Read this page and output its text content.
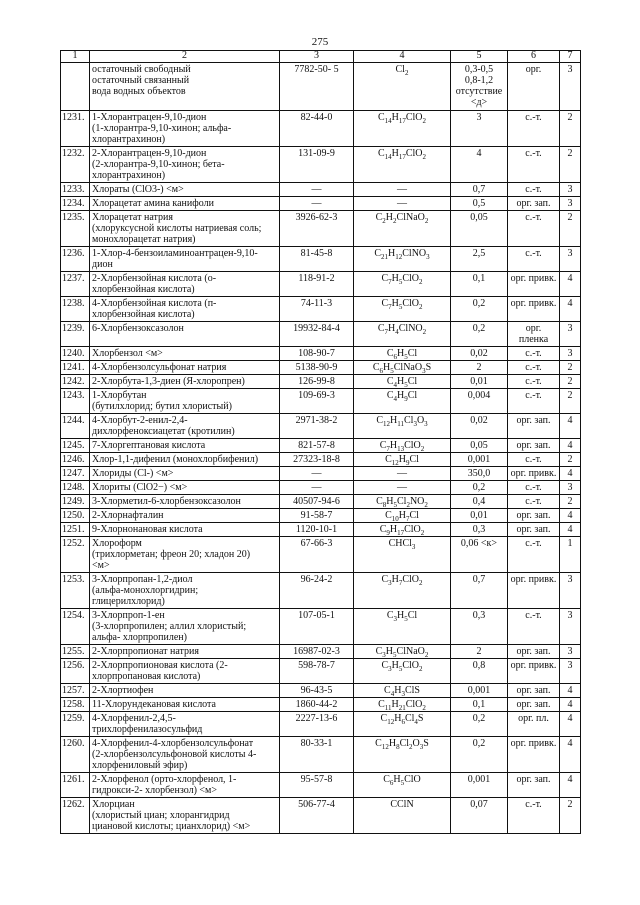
275
1	2	3	4	5	6	7
	остаточный свободный
остаточный связанный
вода водных объектов	7782-50- 5	$Cl_2$	0,3-0,5
0,8-1,2
отсутствие
<д>	орг.	3
1231.	1-Хлорантрацен-9,10-дион
(1-хлорантра-9,10-хинон; альфа-
хлорантрахинон)	82-44-0	$C_{14}H_{17}ClO_2$	3	с.-т.	2
1232.	2-Хлорантрацен-9,10-дион
(2-хлорантра-9,10-хинон; бета-
хлорантрахинон)	131-09-9	$C_{14}H_{17}ClO_2$	4	с.-т.	2
1233.	Хлораты (ClO3-) <м>	—	—	0,7	с.-т.	3
1234.	Хлорацетат амина канифоли	—	—	0,5	орг. зап.	3
1235.	Хлорацетат натрия
(хлоруксусной кислоты натриевая соль;
монохлорацетат натрия)	3926-62-3	$C_2H_2ClNaO_2$	0,05	с.-т.	2
1236.	1-Хлор-4-бензоиламиноантрацен-9,10-
дион	81-45-8	$C_{21}H_{12}ClNO_3$	2,5	с.-т.	3
1237.	2-Хлорбензойная кислота (о-
хлорбензойная кислота)	118-91-2	$C_7H_5ClO_2$	0,1	орг. привк.	4
1238.	4-Хлорбензойная кислота (п-
хлорбензойная кислота)	74-11-3	$C_7H_5ClO_2$	0,2	орг. привк.	4
1239.	6-Хлорбензоксазолон	19932-84-4	$C_7H_4ClNO_2$	0,2	орг. пленка	3
1240.	Хлорбензол <м>	108-90-7	$C_6H_5Cl$	0,02	с.-т.	3
1241.	4-Хлорбензолсульфонат натрия	5138-90-9	$C_6H_5ClNaO_3S$	2	с.-т.	2
1242.	2-Хлорбута-1,3-диен (Я-хлоропрен)	126-99-8	$C_4H_5Cl$	0,01	с.-т.	2
1243.	1-Хлорбутан
(бутилхлорид; бутил хлористый)	109-69-3	$C_4H_9Cl$	0,004	с.-т.	2
1244.	4-Хлорбут-2-енил-2,4-
дихлорфеноксиацетат (кротилин)	2971-38-2	$C_{12}H_{11}Cl_3O_3$	0,02	орг. зап.	4
1245.	7-Хлоргептановая кислота	821-57-8	$C_7H_{13}ClO_2$	0,05	орг. зап.	4
1246.	Хлор-1,1-дифенил (монохлорбифенил)	27323-18-8	$C_{12}H_9Cl$	0,001	с.-т.	2
1247.	Хлориды (Cl-) <м>	—	—	350,0	орг. привк.	4
1248.	Хлориты (ClO2−) <м>	—	—	0,2	с.-т.	3
1249.	3-Хлорметил-6-хлорбензоксазолон	40507-94-6	$C_8H_5Cl_2NO_2$	0,4	с.-т.	2
1250.	2-Хлорнафталин	91-58-7	$C_{10}H_7Cl$	0,01	орг. зап.	4
1251.	9-Хлорнонановая кислота	1120-10-1	$C_9H_{17}ClO_2$	0,3	орг. зап.	4
1252.	Хлороформ
(трихлорметан; фреон 20; хладон 20)
<м>	67-66-3	CHCl$_3$	0,06 <к>	с.-т.	1
1253.	3-Хлорпропан-1,2-диол
(альфа-монохлоргидрин;
глицерилхлорид)	96-24-2	$C_3H_7ClO_2$	0,7	орг. привк.	3
1254.	3-Хлорпроп-1-ен
(3-хлорпропилен; аллил хлористый;
альфа- хлорпропилен)	107-05-1	$C_3H_5Cl$	0,3	с.-т.	3
1255.	2-Хлорпропионат натрия	16987-02-3	$C_3H_5ClNaO_2$	2	орг. зап.	3
1256.	2-Хлорпропионовая кислота (2-
хлорпропановая кислота)	598-78-7	$C_3H_5ClO_2$	0,8	орг. привк.	3
1257.	2-Хлортиофен	96-43-5	$C_4H_3ClS$	0,001	орг. зап.	4
1258.	11-Хлорундекановая кислота	1860-44-2	$C_{11}H_{21}ClO_2$	0,1	орг. зап.	4
1259.	4-Хлорфенил-2,4,5-
трихлорфенилазосульфид	2227-13-6	$C_{12}H_6Cl_4S$	0,2	орг. пл.	4
1260.	4-Хлорфенил-4-хлорбензолсульфонат
(2-хлорбензолсульфоновой кислоты 4-
хлорфениловый эфир)	80-33-1	$C_{12}H_8Cl_2O_3S$	0,2	орг. привк.	4
1261.	2-Хлорфенол (орто-хлорфенол, 1-
гидрокси-2- хлорбензол) <м>	95-57-8	$C_6H_5ClO$	0,001	орг. зап.	4
1262.	Хлорциан
(хлористый циан; хлорангидрид
циановой кислоты; цианхлорид) <м>	506-77-4	CClN	0,07	с.-т.	2
